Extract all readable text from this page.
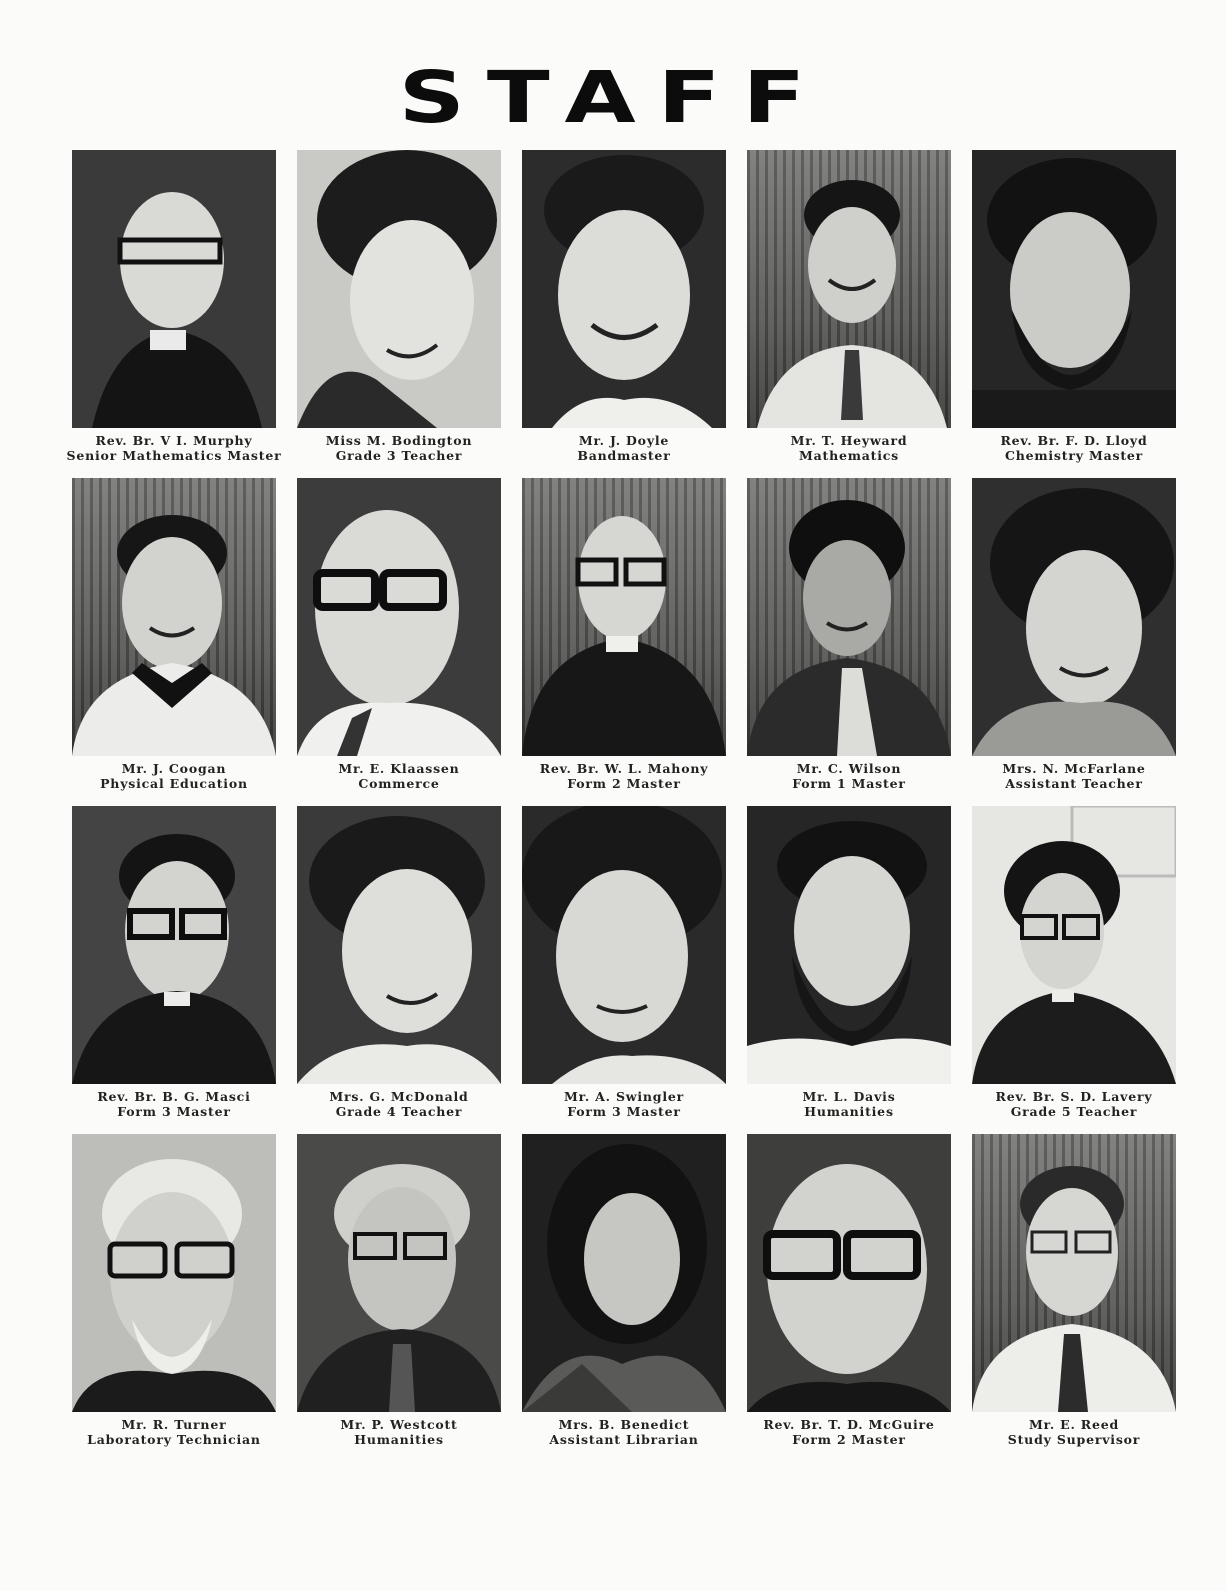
STAFF
Rev. Br. V I. Murphy
Senior Mathematics Master
Miss M. Bodington
Grade 3 Teacher
Mr. J. Doyle
Bandmaster
Mr. T. Heyward
Mathematics
Rev. Br. F. D. Lloyd
Chemistry Master
Mr. J. Coogan
Physical Education
Mr. E. Klaassen
Commerce
Rev. Br. W. L. Mahony
Form 2 Master
Mr. C. Wilson
Form 1 Master
Mrs. N. McFarlane
Assistant Teacher
Rev. Br. B. G. Masci
Form 3 Master
Mrs. G. McDonald
Grade 4 Teacher
Mr. A. Swingler
Form 3 Master
Mr. L. Davis
Humanities
Rev. Br. S. D. Lavery
Grade 5 Teacher
Mr. R. Turner
Laboratory Technician
Mr. P. Westcott
Humanities
Mrs. B. Benedict
Assistant Librarian
Rev. Br. T. D. McGuire
Form 2 Master
Mr. E. Reed
Study Supervisor
